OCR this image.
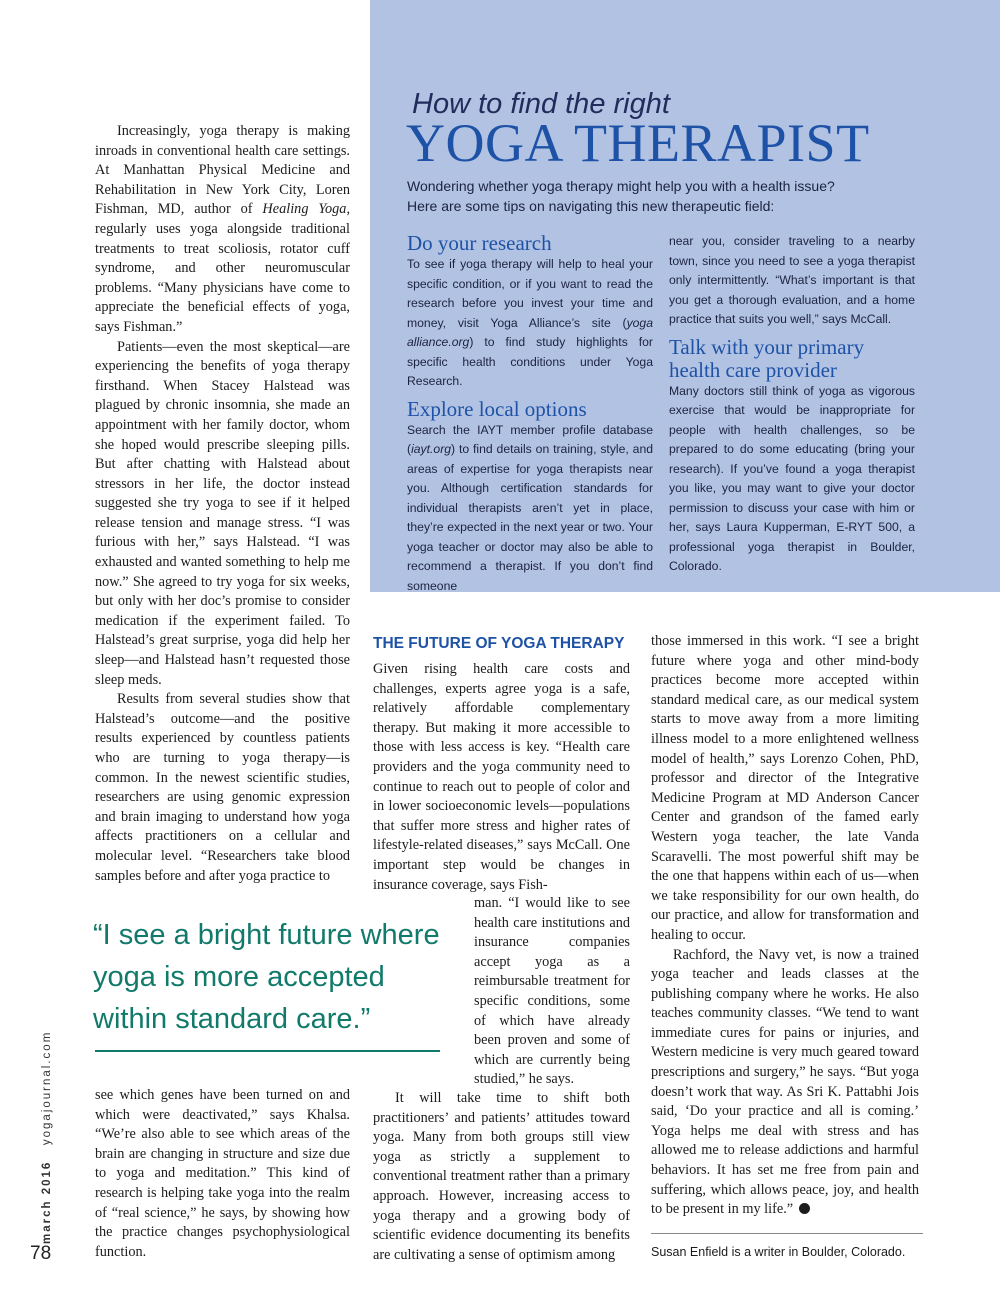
How to find the right

YOGA THERAPIST

Wondering whether yoga therapy might help you with a health issue? Here are some tips on navigating this new therapeutic field:

Do your research

To see if yoga therapy will help to heal your specific condition, or if you want to read the research before you invest your time and money, visit Yoga Alliance’s site (yoga alliance.org) to find study highlights for specific health conditions under Yoga Research.

Explore local options

Search the IAYT member profile database (iayt.org) to find details on training, style, and areas of expertise for yoga therapists near you. Although certification standards for individual therapists aren’t yet in place, they’re expected in the next year or two. Your yoga teacher or doctor may also be able to recommend a therapist. If you don’t find someone

near you, consider traveling to a nearby town, since you need to see a yoga therapist only intermittently. “What’s important is that you get a thorough evaluation, and a home practice that suits you well,” says McCall.

Talk with your primary health care provider

Many doctors still think of yoga as vigorous exercise that would be inappropriate for people with health challenges, so be prepared to do some educating (bring your research). If you’ve found a yoga therapist you like, you may want to give your doctor permission to discuss your case with him or her, says Laura Kupperman, E-RYT 500, a professional yoga therapist in Boulder, Colorado.

Increasingly, yoga therapy is making inroads in conventional health care settings. At Manhattan Physical Medicine and Rehabilitation in New York City, Loren Fishman, MD, author of Healing Yoga, regularly uses yoga alongside traditional treatments to treat scoliosis, rotator cuff syndrome, and other neuromuscular problems. “Many physicians have come to appreciate the beneficial effects of yoga, says Fishman.”

Patients—even the most skeptical—are experiencing the benefits of yoga therapy firsthand. When Stacey Halstead was plagued by chronic insomnia, she made an appointment with her family doctor, whom she hoped would prescribe sleeping pills. But after chatting with Halstead about stressors in her life, the doctor instead suggested she try yoga to see if it helped release tension and manage stress. “I was furious with her,” says Halstead. “I was exhausted and wanted something to help me now.” She agreed to try yoga for six weeks, but only with her doc’s promise to consider medication if the experiment failed. To Halstead’s great surprise, yoga did help her sleep—and Halstead hasn’t requested those sleep meds.

Results from several studies show that Halstead’s outcome—and the positive results experienced by countless patients who are turning to yoga therapy—is common. In the newest scientific studies, researchers are using genomic expression and brain imaging to understand how yoga affects practitioners on a cellular and molecular level. “Researchers take blood samples before and after yoga practice to

“I see a bright future where yoga is more accepted within standard care.”

see which genes have been turned on and which were deactivated,” says Khalsa. “We’re also able to see which areas of the brain are changing in structure and size due to yoga and meditation.” This kind of research is helping take yoga into the realm of “real science,” he says, by showing how the practice changes psychophysiological function.

THE FUTURE OF YOGA THERAPY

Given rising health care costs and challenges, experts agree yoga is a safe, relatively affordable complementary therapy. But making it more accessible to those with less access is key. “Health care providers and the yoga community need to continue to reach out to people of color and in lower socioeconomic levels—populations that suffer more stress and higher rates of lifestyle-related diseases,” says McCall. One important step would be changes in insurance coverage, says Fish-

man. “I would like to see health care institutions and insurance companies accept yoga as a reimbursable treatment for specific conditions, some of which have already been proven and some of which are currently being studied,” he says.

It will take time to shift both practitioners’ and patients’ attitudes toward yoga. Many from both groups still view yoga as strictly a supplement to conventional treatment rather than a primary approach. However, increasing access to yoga therapy and a growing body of scientific evidence documenting its benefits are cultivating a sense of optimism among

those immersed in this work. “I see a bright future where yoga and other mind-body practices become more accepted within standard medical care, as our medical system starts to move away from a more limiting illness model to a more enlightened wellness model of health,” says Lorenzo Cohen, PhD, professor and director of the Integrative Medicine Program at MD Anderson Cancer Center and grandson of the famed early Western yoga teacher, the late Vanda Scaravelli. The most powerful shift may be the one that happens within each of us—when we take responsibility for our own health, do our practice, and allow for transformation and healing to occur.

Rachford, the Navy vet, is now a trained yoga teacher and leads classes at the publishing company where he works. He also teaches community classes. “We tend to want immediate cures for pains or injuries, and Western medicine is very much geared toward prescriptions and surgery,” he says. “But yoga doesn’t work that way. As Sri K. Pattabhi Jois said, ‘Do your practice and all is coming.’ Yoga helps me deal with stress and has allowed me to release addictions and harmful behaviors. It has set me free from pain and suffering, which allows peace, joy, and health to be present in my life.”

Susan Enfield is a writer in Boulder, Colorado.

march 2016   yogajournal.com

78
